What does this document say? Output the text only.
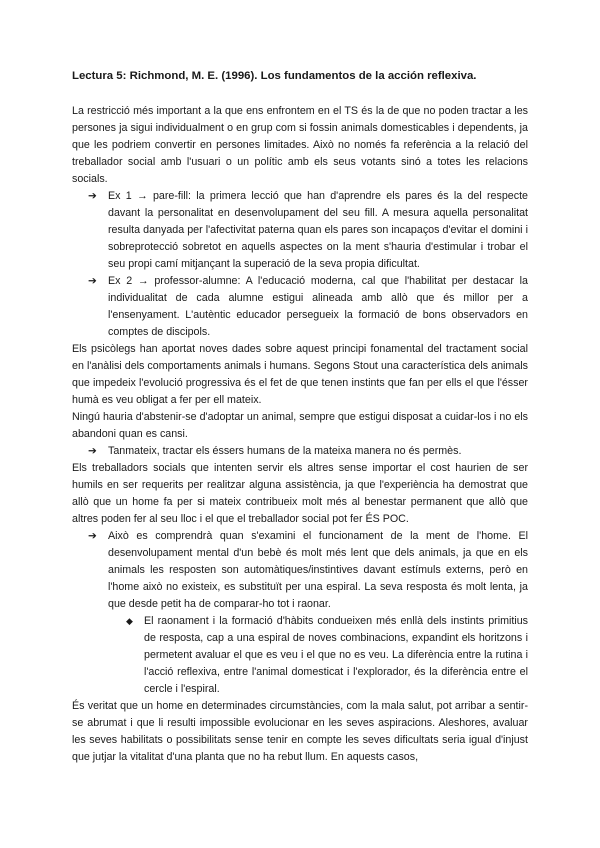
Lectura 5: Richmond, M. E. (1996). Los fundamentos de la acción reflexiva.

La restricció més important a la que ens enfrontem en el TS és la de que no poden tractar a les persones ja sigui individualment o en grup com si fossin animals domesticables i dependents, ja que les podriem convertir en persones limitades. Això no només fa referència a la relació del treballador social amb l'usuari o un polític amb els seus votants sinó a totes les relacions socials.

➔ Ex 1 → pare-fill: la primera lecció que han d'aprendre els pares és la del respecte davant la personalitat en desenvolupament del seu fill. A mesura aquella personalitat resulta danyada per l'afectivitat paterna quan els pares son incapaços d'evitar el domini i sobreprotecció sobretot en aquells aspectes on la ment s'hauria d'estimular i trobar el seu propi camí mitjançant la superació de la seva propia dificultat.

➔ Ex 2 → professor-alumne: A l'educació moderna, cal que l'habilitat per destacar la individualitat de cada alumne estigui alineada amb allò que és millor per a l'ensenyament. L'autèntic educador persegueix la formació de bons observadors en comptes de discipols.

Els psicòlegs han aportat noves dades sobre aquest principi fonamental del tractament social en l'anàlisi dels comportaments animals i humans. Segons Stout una característica dels animals que impedeix l'evolució progressiva és el fet de que tenen instints que fan per ells el que l'ésser humà es veu obligat a fer per ell mateix.

Ningú hauria d'abstenir-se d'adoptar un animal, sempre que estigui disposat a cuidar-los i no els abandoni quan es cansi.

➔ Tanmateix, tractar els éssers humans de la mateixa manera no és permès.

Els treballadors socials que intenten servir els altres sense importar el cost haurien de ser humils en ser requerits per realitzar alguna assistència, ja que l'experiència ha demostrat que allò que un home fa per si mateix contribueix molt més al benestar permanent que allò que altres poden fer al seu lloc i el que el treballador social pot fer ÉS POC.

➔ Això es comprendrà quan s'examini el funcionament de la ment de l'home. El desenvolupament mental d'un bebè és molt més lent que dels animals, ja que en els animals les resposten son automàtiques/instintives davant estímuls externs, però en l'home això no existeix, es substituït per una espiral. La seva resposta és molt lenta, ja que desde petit ha de comparar-ho tot i raonar.

◆ El raonament i la formació d'hàbits condueixen més enllà dels instints primitius de resposta, cap a una espiral de noves combinacions, expandint els horitzons i permetent avaluar el que es veu i el que no es veu. La diferència entre la rutina i l'acció reflexiva, entre l'animal domesticat i l'explorador, és la diferència entre el cercle i l'espiral.

És veritat que un home en determinades circumstàncies, com la mala salut, pot arribar a sentir-se abrumat i que li resulti impossible evolucionar en les seves aspiracions. Aleshores, avaluar les seves habilitats o possibilitats sense tenir en compte les seves dificultats seria igual d'injust que jutjar la vitalitat d'una planta que no ha rebut llum. En aquests casos,
